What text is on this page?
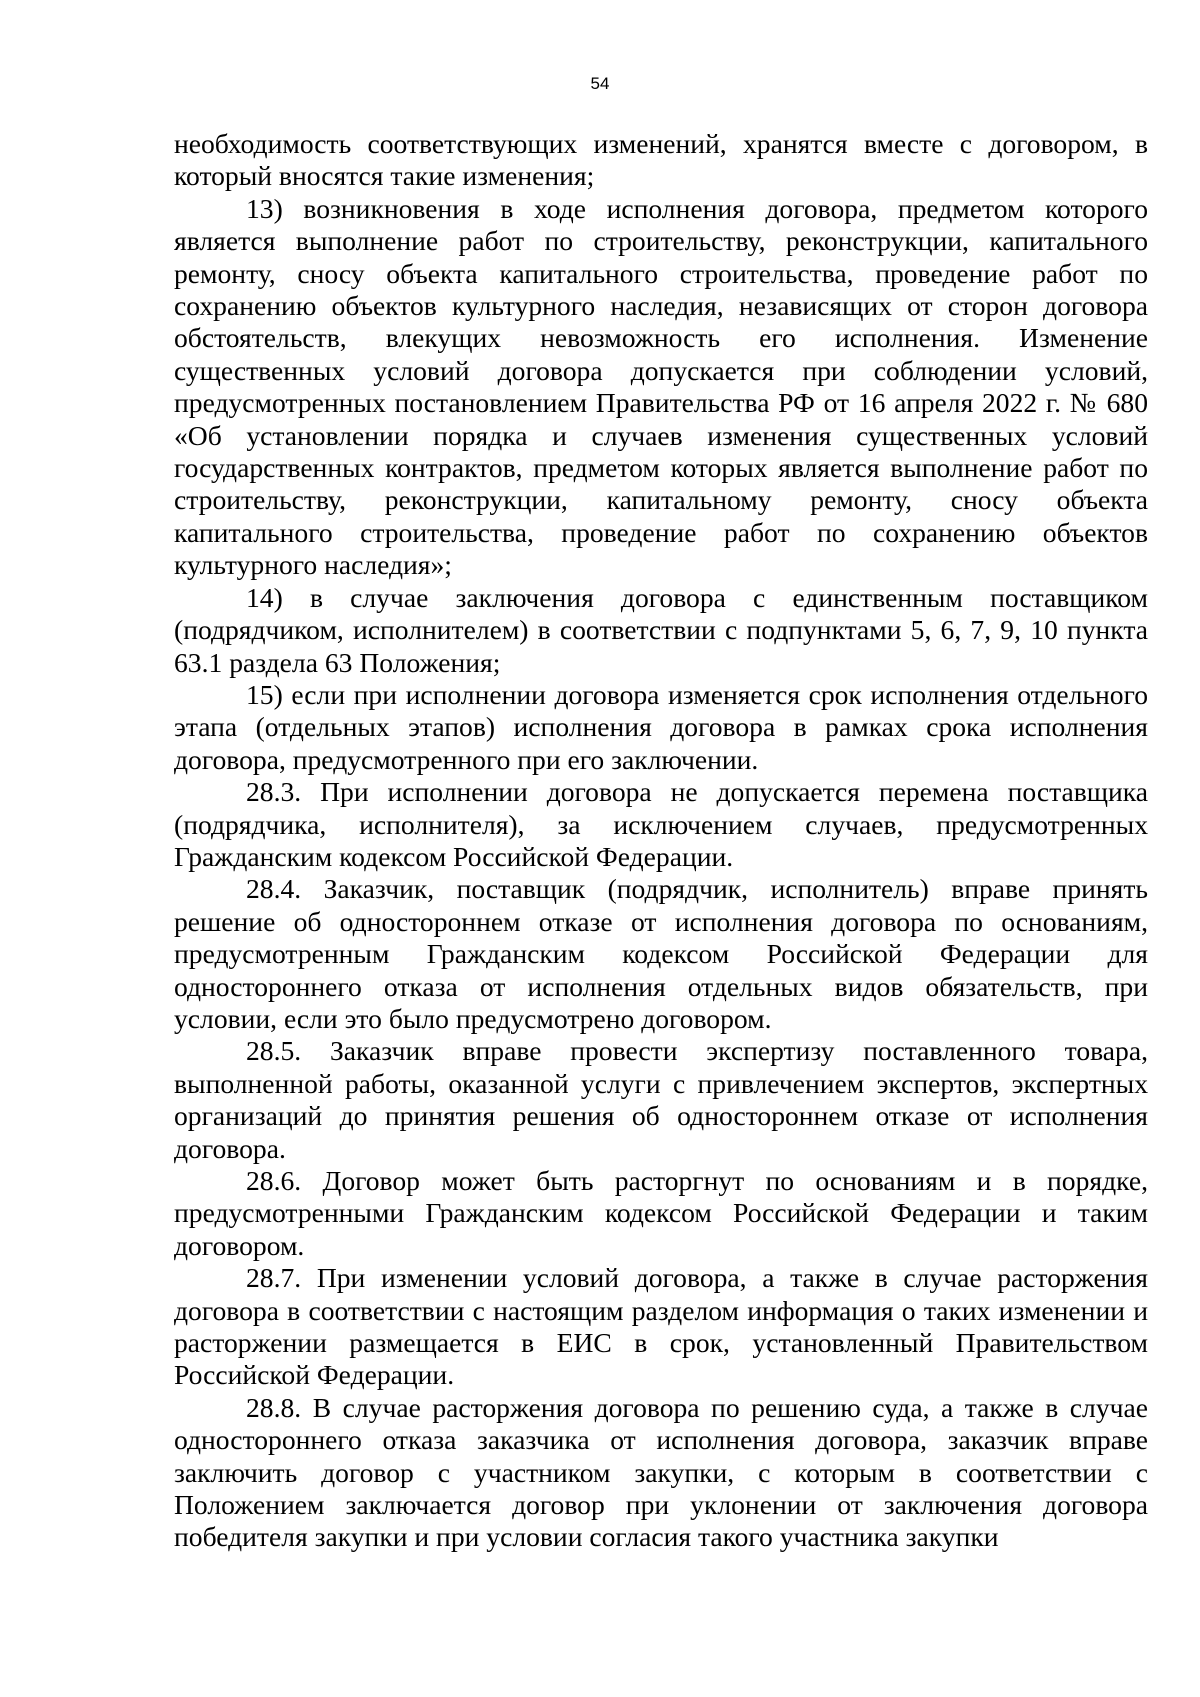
54

необходимость соответствующих изменений, хранятся вместе с договором, в который вносятся такие изменения;

13) возникновения в ходе исполнения договора, предметом которого является выполнение работ по строительству, реконструкции, капитального ремонту, сносу объекта капитального строительства, проведение работ по сохранению объектов культурного наследия, независящих от сторон договора обстоятельств, влекущих невозможность его исполнения. Изменение существенных условий договора допускается при соблюдении условий, предусмотренных постановлением Правительства РФ от 16 апреля 2022 г. № 680 «Об установлении порядка и случаев изменения существенных условий государственных контрактов, предметом которых является выполнение работ по строительству, реконструкции, капитальному ремонту, сносу объекта капитального строительства, проведение работ по сохранению объектов культурного наследия»;

14) в случае заключения договора с единственным поставщиком (подрядчиком, исполнителем) в соответствии с подпунктами 5, 6, 7, 9, 10 пункта 63.1 раздела 63 Положения;

15) если при исполнении договора изменяется срок исполнения отдельного этапа (отдельных этапов) исполнения договора в рамках срока исполнения договора, предусмотренного при его заключении.

28.3. При исполнении договора не допускается перемена поставщика (подрядчика, исполнителя), за исключением случаев, предусмотренных Гражданским кодексом Российской Федерации.

28.4. Заказчик, поставщик (подрядчик, исполнитель) вправе принять решение об одностороннем отказе от исполнения договора по основаниям, предусмотренным Гражданским кодексом Российской Федерации для одностороннего отказа от исполнения отдельных видов обязательств, при условии, если это было предусмотрено договором.

28.5. Заказчик вправе провести экспертизу поставленного товара, выполненной работы, оказанной услуги с привлечением экспертов, экспертных организаций до принятия решения об одностороннем отказе от исполнения договора.

28.6. Договор может быть расторгнут по основаниям и в порядке, предусмотренными Гражданским кодексом Российской Федерации и таким договором.

28.7. При изменении условий договора, а также в случае расторжения договора в соответствии с настоящим разделом информация о таких изменении и расторжении размещается в ЕИС в срок, установленный Правительством Российской Федерации.

28.8. В случае расторжения договора по решению суда, а также в случае одностороннего отказа заказчика от исполнения договора, заказчик вправе заключить договор с участником закупки, с которым в соответствии с Положением заключается договор при уклонении от заключения договора победителя закупки и при условии согласия такого участника закупки
